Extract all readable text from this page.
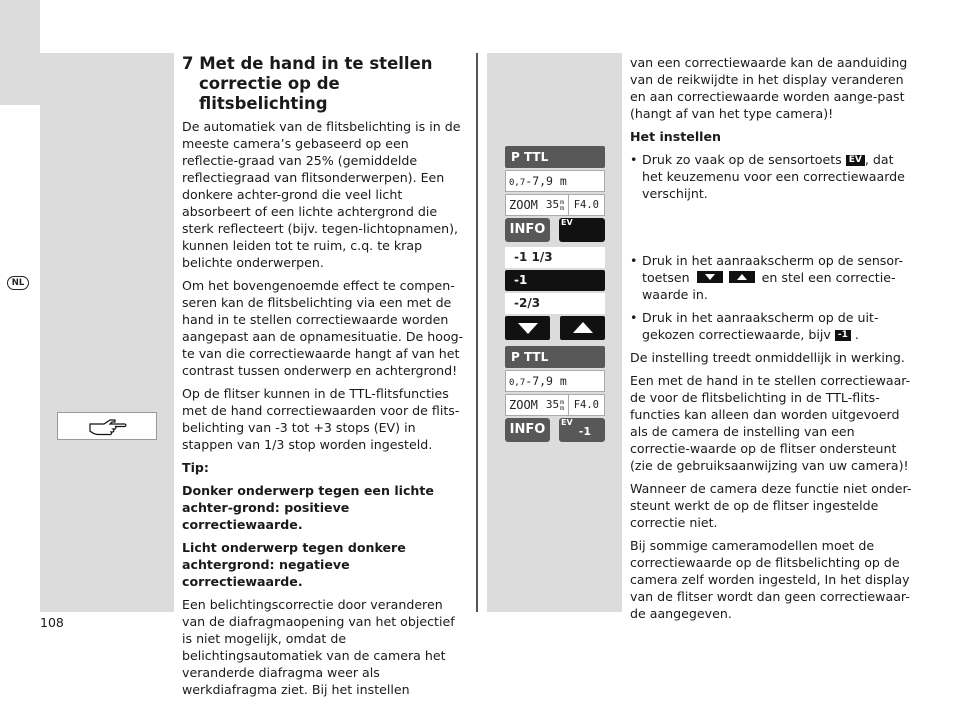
NL
7 Met de hand in te stellen
correctie op de flitsbelichting

De automatiek van de flitsbelichting is in de meeste camera’s gebaseerd op een reflectie-graad van 25% (gemiddelde reflectiegraad van flitsonderwerpen). Een donkere achter-grond die veel licht absorbeert of een lichte achtergrond die sterk reflecteert (bijv. tegen-lichtopnamen), kunnen leiden tot te ruim, c.q. te krap belichte onderwerpen.

Om het bovengenoemde effect te compen-seren kan de flitsbelichting via een met de hand in te stellen correctiewaarde worden aangepast aan de opnamesituatie. De hoog-te van die correctiewaarde hangt af van het contrast tussen onderwerp en achtergrond!

Op de flitser kunnen in de TTL-flitsfuncties met de hand correctiewaarden voor de flits-belichting van -3 tot +3 stops (EV) in stappen van 1/3 stop worden ingesteld.

Tip:

Donker onderwerp tegen een lichte achter-grond: positieve correctiewaarde.

Licht onderwerp tegen donkere achtergrond: negatieve correctiewaarde.

Een belichtingscorrectie door veranderen van de diafragmaopening van het objectief is niet mogelijk, omdat de belichtingsautomatiek van de camera het veranderde diafragma weer als werkdiafragma ziet. Bij het instellen

P TTL
0,7-7,9 m
ZOOM 35 m
m F4.0
INFO	EV
-1 1/3
-1
-2/3
P TTL
0,7-7,9 m
ZOOM 35 m
m F4.0
INFO	EV
-1

van een correctiewaarde kan de aanduiding van de reikwijdte in het display veranderen en aan correctiewaarde worden aange-past (hangt af van het type camera)!

Het instellen

• Druk zo vaak op de sensortoets EV , dat het keuzemenu voor een correctiewaarde verschijnt.
• Druk in het aanraakscherm op de sensor-toetsen	en stel een correctie-waarde in.
• Druk in het aanraakscherm op de uit-gekozen correctiewaarde, bijv -1 .

De instelling treedt onmiddellijk in werking.

Een met de hand in te stellen correctiewaar-de voor de flitsbelichting in de TTL-flits-functies kan alleen dan worden uitgevoerd als de camera de instelling van een correctie-waarde op de flitser ondersteunt (zie de gebruiksaanwijzing van uw camera)!

Wanneer de camera deze functie niet onder-steunt werkt de op de flitser ingestelde correctie niet.

Bij sommige cameramodellen moet de correctiewaarde op de flitsbelichting op de camera zelf worden ingesteld, In het display van de flitser wordt dan geen correctiewaar-de aangegeven.

108
